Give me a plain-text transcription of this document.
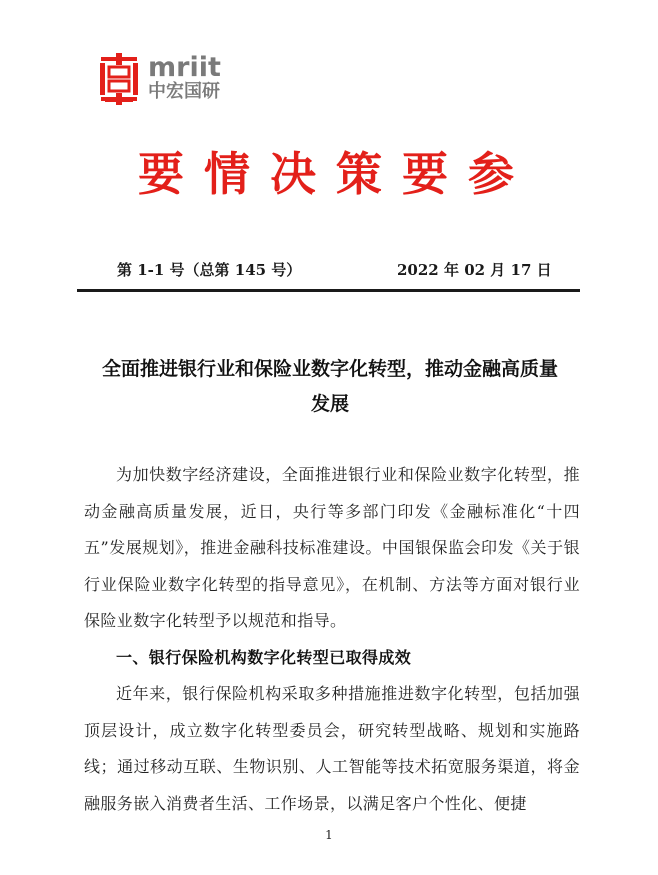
mriit
中宏国研
要情决策要参
第 1-1 号（总第 145 号）	2022 年 02 月 17 日
全面推进银行业和保险业数字化转型，推动金融高质量
发展

为加快数字经济建设，全面推进银行业和保险业数字化转型，推动金融高质量发展，近日，央行等多部门印发《金融标准化“十四五”发展规划》，推进金融科技标准建设。中国银保监会印发《关于银行业保险业数字化转型的指导意见》，在机制、方法等方面对银行业保险业数字化转型予以规范和指导。

一、银行保险机构数字化转型已取得成效

近年来，银行保险机构采取多种措施推进数字化转型，包括加强顶层设计，成立数字化转型委员会，研究转型战略、规划和实施路线；通过移动互联、生物识别、人工智能等技术拓宽服务渠道，将金融服务嵌入消费者生活、工作场景，以满足客户个性化、便捷

1
